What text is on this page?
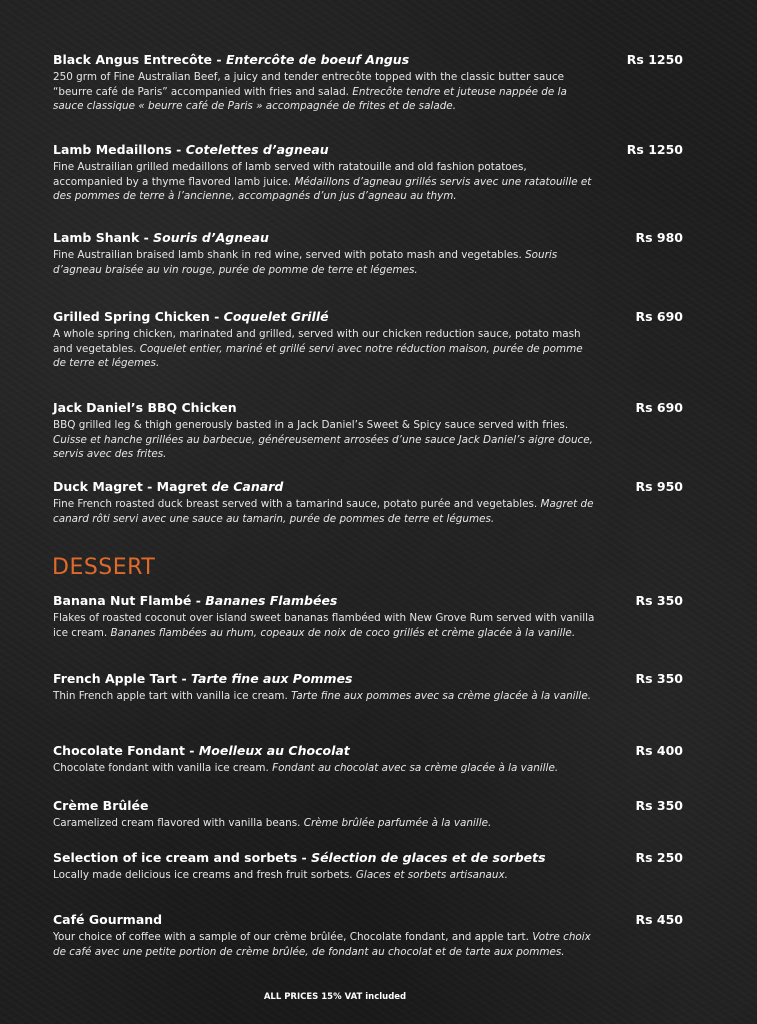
Black Angus Entrecôte - Entercôte de boeuf Angus	Rs 1250
250 grm of Fine Australian Beef, a juicy and tender entrecôte topped with the classic butter sauce “beurre café de Paris” accompanied with fries and salad. Entrecôte tendre et juteuse nappée de la sauce classique « beurre café de Paris » accompagnée de frites et de salade.
Lamb Medaillons - Cotelettes d’agneau	Rs 1250
Fine Austrailian grilled medaillons of lamb served with ratatouille and old fashion potatoes, accompanied by a thyme flavored lamb juice. Médaillons d’agneau grillés servis avec une ratatouille et des pommes de terre à l’ancienne, accompagnés d’un jus d’agneau au thym.
Lamb Shank - Souris d’Agneau	Rs 980
Fine Austrailian braised lamb shank in red wine, served with potato mash and vegetables. Souris d’agneau braisée au vin rouge, purée de pomme de terre et légemes.
Grilled Spring Chicken - Coquelet Grillé	Rs 690
A whole spring chicken, marinated and grilled, served with our chicken reduction sauce, potato mash and vegetables. Coquelet entier, mariné et grillé servi avec notre réduction maison, purée de pomme de terre et légemes.
Jack Daniel’s BBQ Chicken	Rs 690
BBQ grilled leg & thigh generously basted in a Jack Daniel’s Sweet & Spicy sauce served with fries. Cuisse et hanche grillées au barbecue, généreusement arrosées d’une sauce Jack Daniel’s aigre douce, servis avec des frites.
Duck Magret - Magret de Canard	Rs 950
Fine French roasted duck breast served with a tamarind sauce, potato purée and vegetables. Magret de canard rôti servi avec une sauce au tamarin, purée de pommes de terre et légumes.
DESSERT
Banana Nut Flambé - Bananes Flambées	Rs 350
Flakes of roasted coconut over island sweet bananas flambéed with New Grove Rum served with vanilla ice cream. Bananes flambées au rhum, copeaux de noix de coco grillés et crème glacée à la vanille.
French Apple Tart - Tarte fine aux Pommes	Rs 350
Thin French apple tart with vanilla ice cream. Tarte fine aux pommes avec sa crème glacée à la vanille.
Chocolate Fondant - Moelleux au Chocolat	Rs 400
Chocolate fondant with vanilla ice cream. Fondant au chocolat avec sa crème glacée à la vanille.
Crème Brûlée	Rs 350
Caramelized cream flavored with vanilla beans. Crème brûlée parfumée à la vanille.
Selection of ice cream and sorbets - Sélection de glaces et de sorbets	Rs 250
Locally made delicious ice creams and fresh fruit sorbets. Glaces et sorbets artisanaux.
Café Gourmand	Rs 450
Your choice of coffee with a sample of our crème brûlée, Chocolate fondant, and apple tart. Votre choix de café avec une petite portion de crème brûlée, de fondant au chocolat et de tarte aux pommes.
ALL PRICES 15% VAT included
